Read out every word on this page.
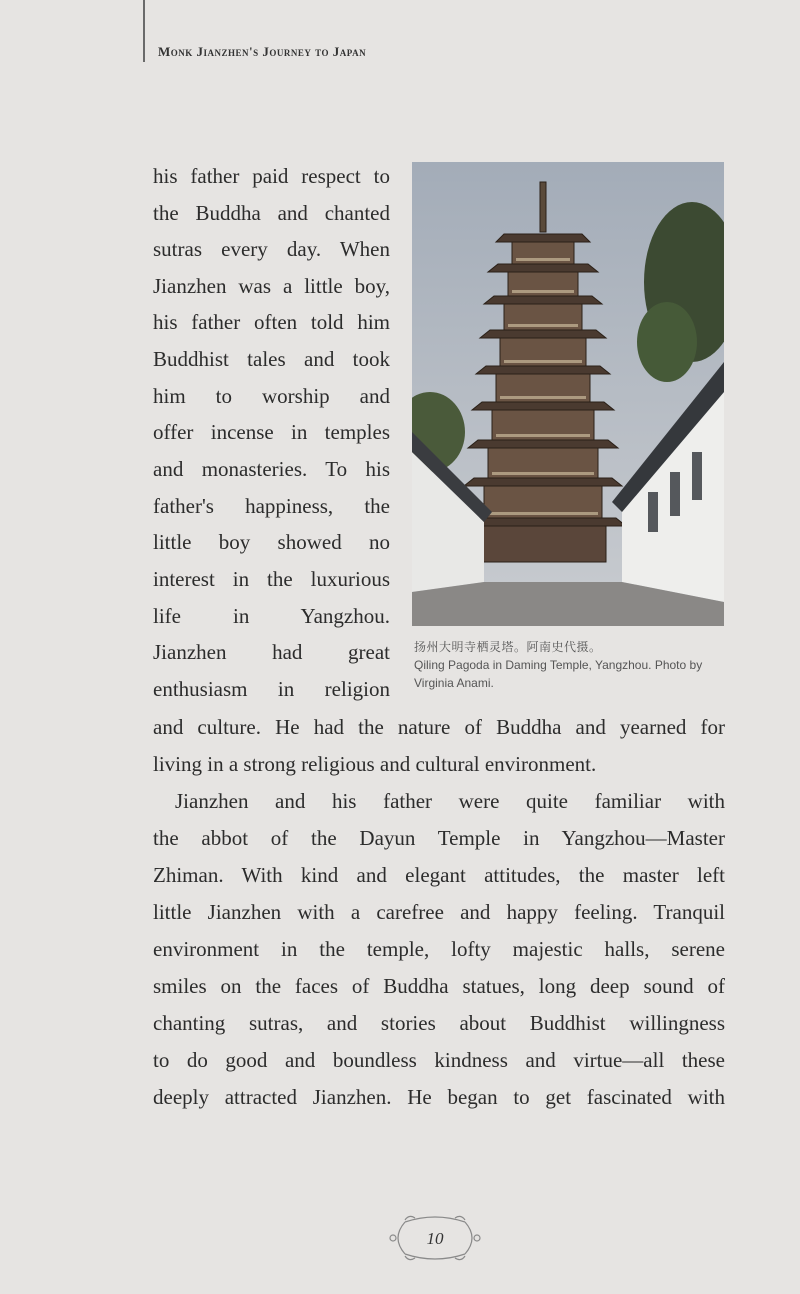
Monk Jianzhen's Journey to Japan
扬州大明寺栖灵塔。阿南史代摄。
Qiling Pagoda in Daming Temple, Yangzhou. Photo by Virginia Anami.
his father paid respect to
the Buddha and chanted
sutras every day. When
Jianzhen was a little boy,
his father often told him
Buddhist tales and took
him to worship and
offer incense in temples
and monasteries. To his
father's happiness, the
little boy showed no
interest in the luxurious
life in Yangzhou.
Jianzhen had great
enthusiasm in religion
and culture. He had the nature of Buddha and yearned for
living in a strong religious and cultural environment.
Jianzhen and his father were quite familiar with
the abbot of the Dayun Temple in Yangzhou—Master
Zhiman. With kind and elegant attitudes, the master left
little Jianzhen with a carefree and happy feeling. Tranquil
environment in the temple, lofty majestic halls, serene
smiles on the faces of Buddha statues, long deep sound of
chanting sutras, and stories about Buddhist willingness
to do good and boundless kindness and virtue—all these
deeply attracted Jianzhen. He began to get fascinated with
10
